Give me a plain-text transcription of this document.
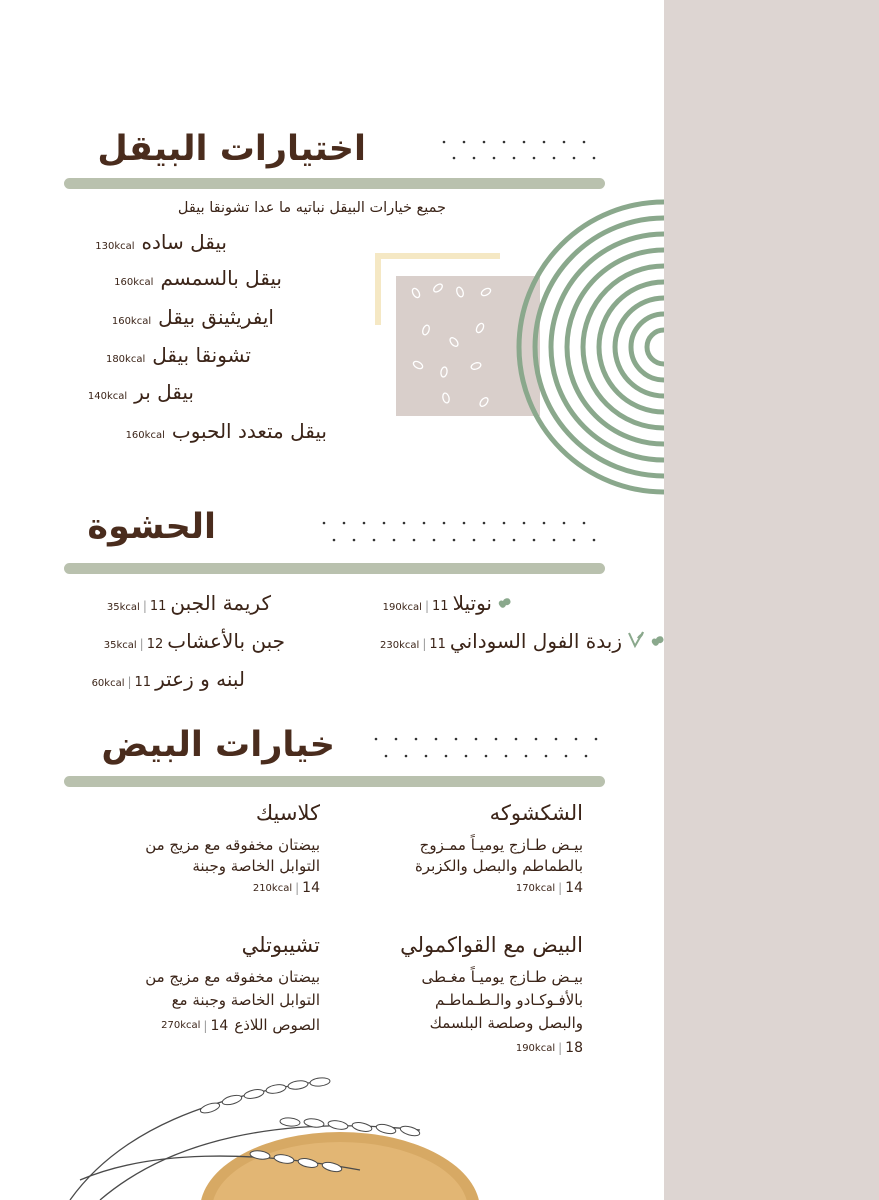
اختيارات البيقل
جميع خيارات البيقل نباتيه ما عدا تشونقا بيقل
بيقل ساده
130kcal
بيقل بالسمسم
160kcal
ايفريثينق بيقل
160kcal
تشونقا بيقل
180kcal
بيقل بر
140kcal
بيقل متعدد الحبوب
160kcal
الحشوة
كريمة الجبن
11
|
35kcal
جبن بالأعشاب
12
|
35kcal
لبنه و زعتر
11
|
60kcal
نوتيلا
11
|
190kcal
زبدة الفول السوداني
11
|
230kcal
خيارات البيض
الشكشوكه
بيـض طـازج يوميـاً ممـزوج
بالطماطم والبصل والكزبرة
14
|
170kcal
كلاسيك
بيضتان مخفوقه مع مزيج من
التوابل الخاصة وجبنة
14
|
210kcal
البيض مع القواكمولي
بيـض طـازج يوميـاً مغـطى
بالأفـوكـادو والـطـماطـم
والبصل وصلصة البلسمك
18
|
190kcal
تشيبوتلي
بيضتان مخفوقه مع مزيج من
التوابل الخاصة وجبنة مع
الصوص اللاذع
14
|
270kcal
